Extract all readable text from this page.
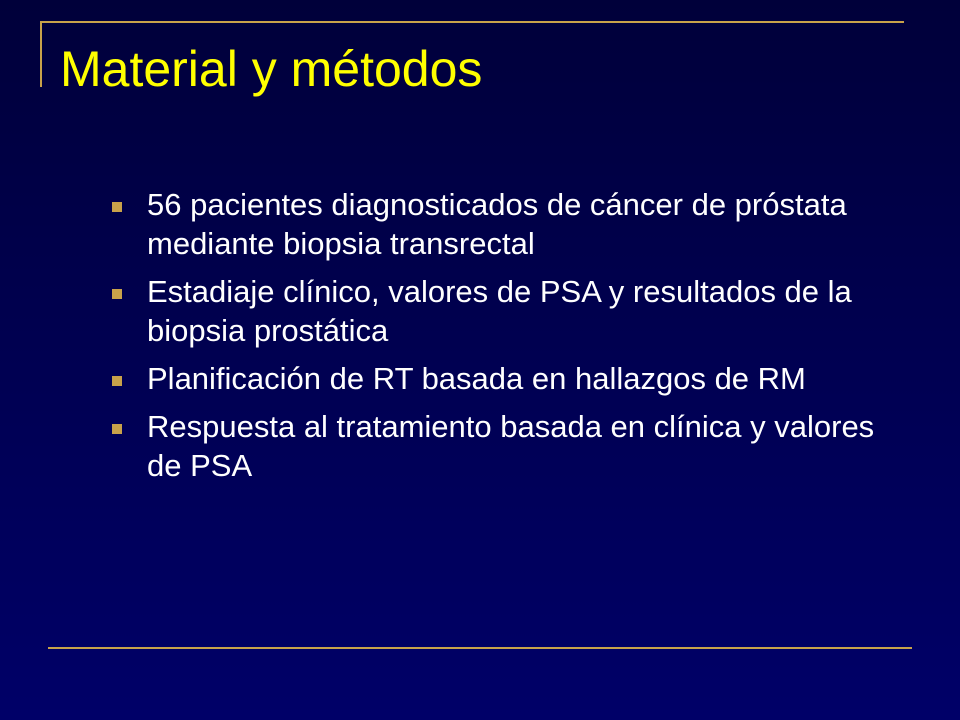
Material y métodos
56 pacientes diagnosticados de cáncer de próstata mediante biopsia transrectal
Estadiaje clínico, valores de PSA y resultados de la biopsia prostática
Planificación de RT basada en hallazgos de RM
Respuesta al tratamiento basada en clínica y valores de PSA
